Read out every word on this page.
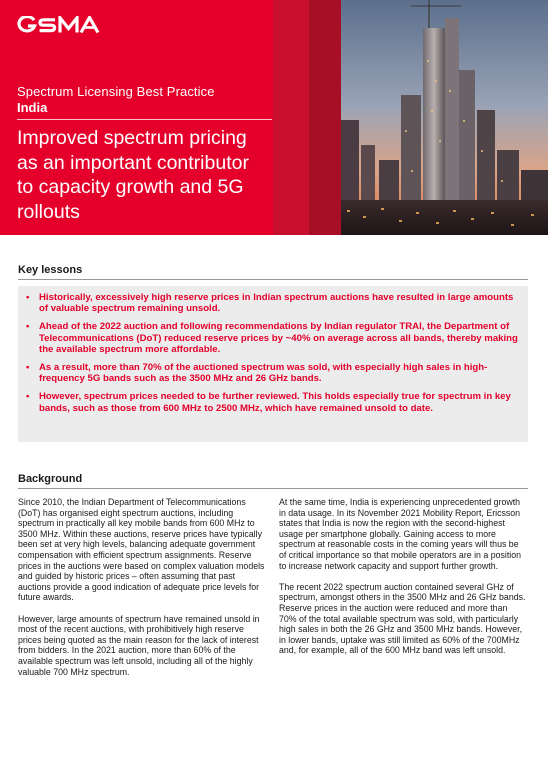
Spectrum Licensing Best Practice
India
Improved spectrum pricing as an important contributor to capacity growth and 5G rollouts
Key lessons
• Historically, excessively high reserve prices in Indian spectrum auctions have resulted in large amounts of valuable spectrum remaining unsold.
• Ahead of the 2022 auction and following recommendations by Indian regulator TRAI, the Department of Telecommunications (DoT) reduced reserve prices by ~40% on average across all bands, thereby making the available spectrum more affordable.
• As a result, more than 70% of the auctioned spectrum was sold, with especially high sales in high-frequency 5G bands such as the 3500 MHz and 26 GHz bands.
• However, spectrum prices needed to be further reviewed. This holds especially true for spectrum in key bands, such as those from 600 MHz to 2500 MHz, which have remained unsold to date.
Background

Since 2010, the Indian Department of Telecommunications (DoT) has organised eight spectrum auctions, including spectrum in practically all key mobile bands from 600 MHz to 3500 MHz. Within these auctions, reserve prices have typically been set at very high levels, balancing adequate government compensation with efficient spectrum assignments. Reserve prices in the auctions were based on complex valuation models and guided by historic prices – often assuming that past auctions provide a good indication of adequate price levels for future awards.

However, large amounts of spectrum have remained unsold in most of the recent auctions, with prohibitively high reserve prices being quoted as the main reason for the lack of interest from bidders. In the 2021 auction, more than 60% of the available spectrum was left unsold, including all of the highly valuable 700 MHz spectrum.

At the same time, India is experiencing unprecedented growth in data usage. In its November 2021 Mobility Report, Ericsson states that India is now the region with the second-highest usage per smartphone globally. Gaining access to more spectrum at reasonable costs in the coming years will thus be of critical importance so that mobile operators are in a position to increase network capacity and support further growth.

The recent 2022 spectrum auction contained several GHz of spectrum, amongst others in the 3500 MHz and 26 GHz bands. Reserve prices in the auction were reduced and more than 70% of the total available spectrum was sold, with particularly high sales in both the 26 GHz and 3500 MHz bands. However, in lower bands, uptake was still limited as 60% of the 700MHz and, for example, all of the 600 MHz band was left unsold.
